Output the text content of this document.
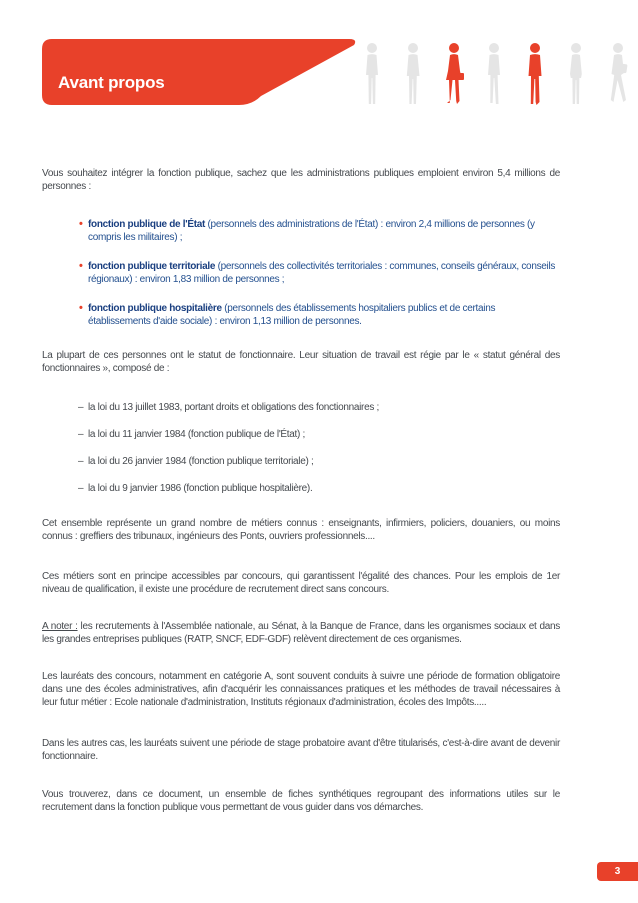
Avant propos
Vous souhaitez intégrer la fonction publique, sachez que les administrations publiques emploient environ 5,4 millions de personnes :
• fonction publique de l'État (personnels des administrations de l'État) : environ 2,4 millions de personnes (y compris les militaires) ;
• fonction publique territoriale (personnels des collectivités territoriales : communes, conseils généraux, conseils régionaux) : environ 1,83 million de personnes ;
• fonction publique hospitalière (personnels des établissements hospitaliers publics et de certains établissements d'aide sociale) : environ 1,13 million de personnes.
La plupart de ces personnes ont le statut de fonctionnaire. Leur situation de travail est régie par le « statut général des fonctionnaires », composé de :
– la loi du 13 juillet 1983, portant droits et obligations des fonctionnaires ;
– la loi du 11 janvier 1984 (fonction publique de l'État) ;
– la loi du 26 janvier 1984 (fonction publique territoriale) ;
– la loi du 9 janvier 1986 (fonction publique hospitalière).
Cet ensemble représente un grand nombre de métiers connus : enseignants, infirmiers, policiers, douaniers, ou moins connus : greffiers des tribunaux, ingénieurs des Ponts, ouvriers professionnels....
Ces métiers sont en principe accessibles par concours, qui garantissent l'égalité des chances. Pour les emplois de 1er niveau de qualification, il existe une procédure de recrutement direct sans concours.
A noter : les recrutements à l'Assemblée nationale, au Sénat, à la Banque de France, dans les organismes sociaux et dans les grandes entreprises publiques (RATP, SNCF, EDF-GDF) relèvent directement de ces organismes.
Les lauréats des concours, notamment en catégorie A, sont souvent conduits à suivre une période de formation obligatoire dans une des écoles administratives, afin d'acquérir les connaissances pratiques et les méthodes de travail nécessaires à leur futur métier : Ecole nationale d'administration, Instituts régionaux d'administration, écoles des Impôts.....
Dans les autres cas, les lauréats suivent une période de stage probatoire avant d'être titularisés, c'est-à-dire avant de devenir fonctionnaire.
Vous trouverez, dans ce document, un ensemble de fiches synthétiques regroupant des informations utiles sur le recrutement dans la fonction publique vous permettant de vous guider dans vos démarches.
3
